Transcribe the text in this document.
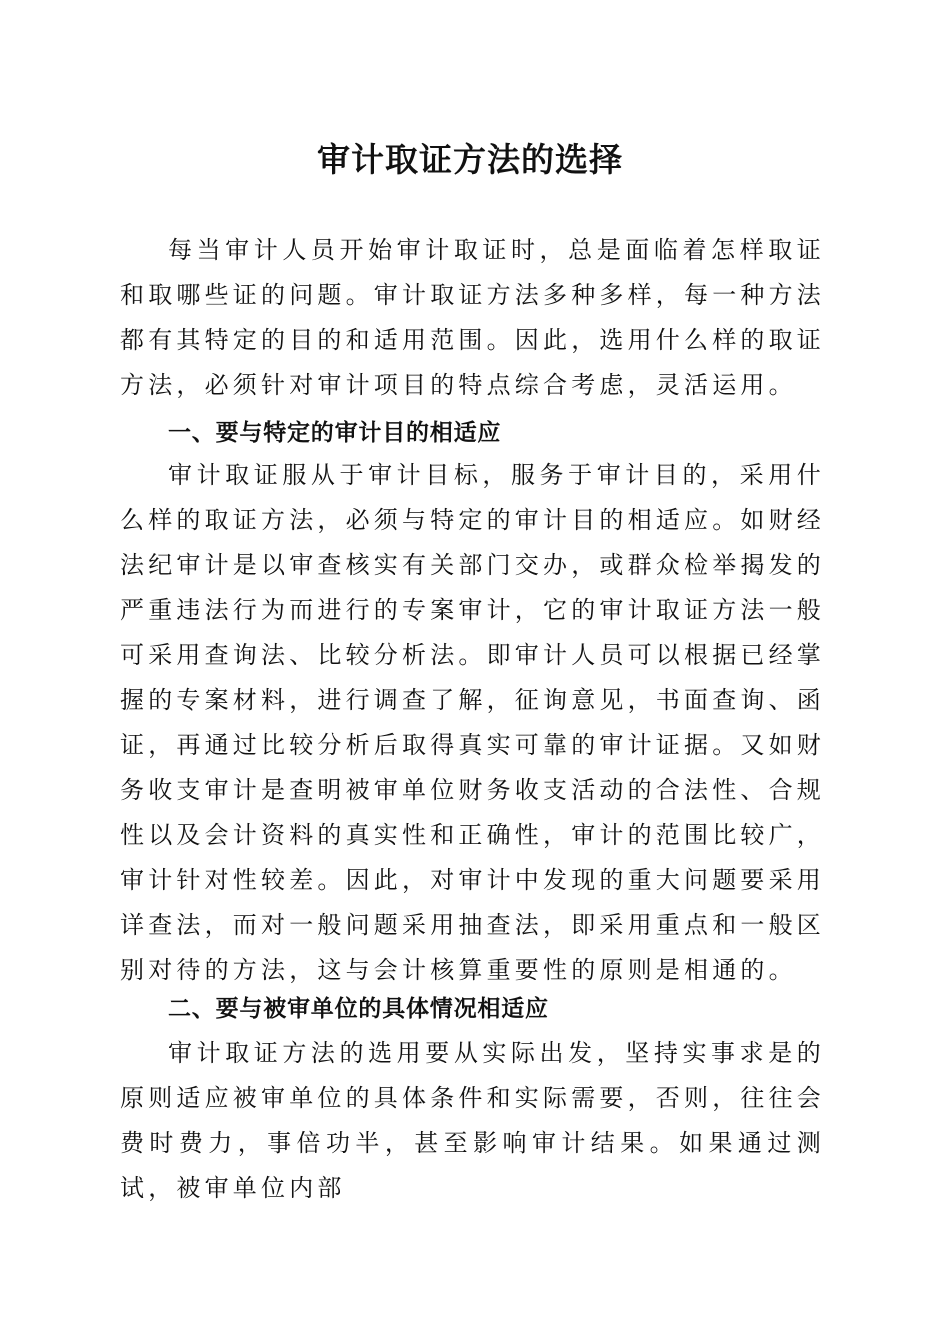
审计取证方法的选择

每当审计人员开始审计取证时，总是面临着怎样取证和取哪些证的问题。审计取证方法多种多样，每一种方法都有其特定的目的和适用范围。因此，选用什么样的取证方法，必须针对审计项目的特点综合考虑，灵活运用。

一、要与特定的审计目的相适应

审计取证服从于审计目标，服务于审计目的，采用什么样的取证方法，必须与特定的审计目的相适应。如财经法纪审计是以审查核实有关部门交办，或群众检举揭发的严重违法行为而进行的专案审计，它的审计取证方法一般可采用查询法、比较分析法。即审计人员可以根据已经掌握的专案材料，进行调查了解，征询意见，书面查询、函证，再通过比较分析后取得真实可靠的审计证据。又如财务收支审计是查明被审单位财务收支活动的合法性、合规性以及会计资料的真实性和正确性，审计的范围比较广，审计针对性较差。因此，对审计中发现的重大问题要采用详查法，而对一般问题采用抽查法，即采用重点和一般区别对待的方法，这与会计核算重要性的原则是相通的。

二、要与被审单位的具体情况相适应

审计取证方法的选用要从实际出发，坚持实事求是的原则适应被审单位的具体条件和实际需要，否则，往往会费时费力，事倍功半，甚至影响审计结果。如果通过测试，被审单位内部
